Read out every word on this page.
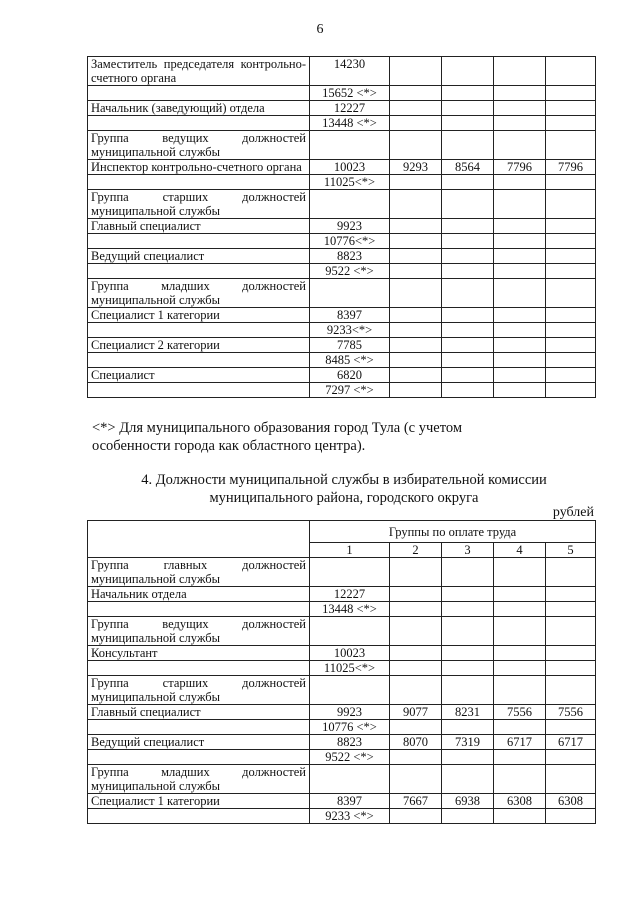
6
Заместитель председателя контрольно-счетного органа	14230				
	15652 <*>				
Начальник (заведующий) отдела	12227				
	13448 <*>				
Группа ведущих должностей муниципальной службы					
Инспектор контрольно-счетного органа	10023	9293	8564	7796	7796
	11025<*>				
Группа старших должностей муниципальной службы					
Главный специалист	9923				
	10776<*>				
Ведущий специалист	8823				
	9522 <*>				
Группа младших должностей муниципальной службы					
Специалист 1 категории	8397				
	9233<*>				
Специалист 2 категории	7785				
	8485 <*>				
Специалист	6820				
	7297 <*>				
<*> Для муниципального образования город Тула (с учетом
особенности города как областного центра).
4. Должности муниципальной службы в избирательной комиссии
муниципального района, городского округа
рублей
	Группы по оплате труда				
	1	2	3	4	5
Группа главных должностей муниципальной службы					
Начальник отдела	12227				
	13448 <*>				
Группа ведущих должностей муниципальной службы					
Консультант	10023				
	11025<*>				
Группа старших должностей муниципальной службы					
Главный специалист	9923	9077	8231	7556	7556
	10776 <*>				
Ведущий специалист	8823	8070	7319	6717	6717
	9522 <*>				
Группа младших должностей муниципальной службы					
Специалист 1 категории	8397	7667	6938	6308	6308
	9233 <*>				
